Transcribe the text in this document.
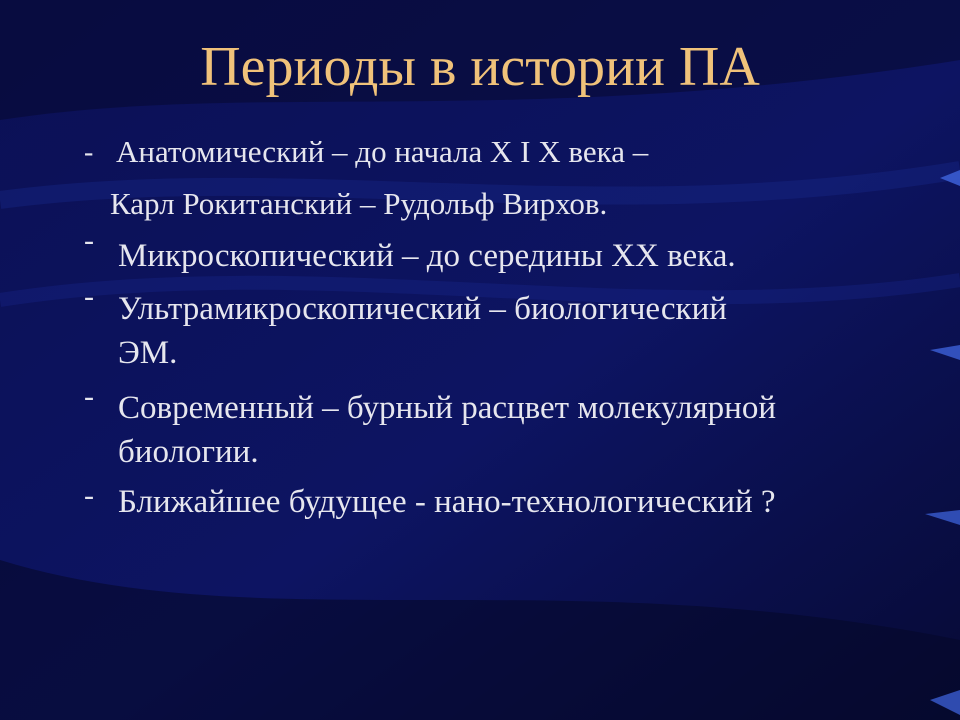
Периоды в истории ПА
- Анатомический – до начала X I X века –
Карл Рокитанский – Рудольф Вирхов.
- Микроскопический – до середины XX века.
- Ультрамикроскопический – биологический
ЭМ.
- Современный – бурный расцвет молекулярной
биологии.
- Ближайшее будущее - нано-технологический ?
